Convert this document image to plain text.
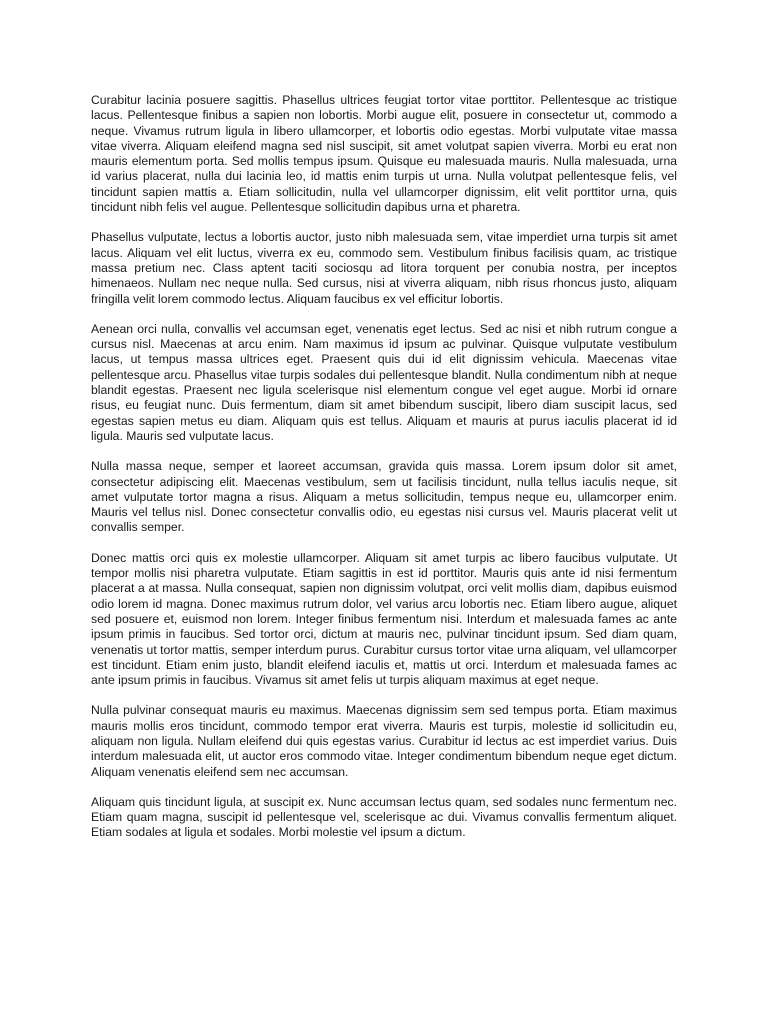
Curabitur lacinia posuere sagittis. Phasellus ultrices feugiat tortor vitae porttitor. Pellentesque ac tristique lacus. Pellentesque finibus a sapien non lobortis. Morbi augue elit, posuere in consectetur ut, commodo a neque. Vivamus rutrum ligula in libero ullamcorper, et lobortis odio egestas. Morbi vulputate vitae massa vitae viverra. Aliquam eleifend magna sed nisl suscipit, sit amet volutpat sapien viverra. Morbi eu erat non mauris elementum porta. Sed mollis tempus ipsum. Quisque eu malesuada mauris. Nulla malesuada, urna id varius placerat, nulla dui lacinia leo, id mattis enim turpis ut urna. Nulla volutpat pellentesque felis, vel tincidunt sapien mattis a. Etiam sollicitudin, nulla vel ullamcorper dignissim, elit velit porttitor urna, quis tincidunt nibh felis vel augue. Pellentesque sollicitudin dapibus urna et pharetra.

Phasellus vulputate, lectus a lobortis auctor, justo nibh malesuada sem, vitae imperdiet urna turpis sit amet lacus. Aliquam vel elit luctus, viverra ex eu, commodo sem. Vestibulum finibus facilisis quam, ac tristique massa pretium nec. Class aptent taciti sociosqu ad litora torquent per conubia nostra, per inceptos himenaeos. Nullam nec neque nulla. Sed cursus, nisi at viverra aliquam, nibh risus rhoncus justo, aliquam fringilla velit lorem commodo lectus. Aliquam faucibus ex vel efficitur lobortis.

Aenean orci nulla, convallis vel accumsan eget, venenatis eget lectus. Sed ac nisi et nibh rutrum congue a cursus nisl. Maecenas at arcu enim. Nam maximus id ipsum ac pulvinar. Quisque vulputate vestibulum lacus, ut tempus massa ultrices eget. Praesent quis dui id elit dignissim vehicula. Maecenas vitae pellentesque arcu. Phasellus vitae turpis sodales dui pellentesque blandit. Nulla condimentum nibh at neque blandit egestas. Praesent nec ligula scelerisque nisl elementum congue vel eget augue. Morbi id ornare risus, eu feugiat nunc. Duis fermentum, diam sit amet bibendum suscipit, libero diam suscipit lacus, sed egestas sapien metus eu diam. Aliquam quis est tellus. Aliquam et mauris at purus iaculis placerat id id ligula. Mauris sed vulputate lacus.

Nulla massa neque, semper et laoreet accumsan, gravida quis massa. Lorem ipsum dolor sit amet, consectetur adipiscing elit. Maecenas vestibulum, sem ut facilisis tincidunt, nulla tellus iaculis neque, sit amet vulputate tortor magna a risus. Aliquam a metus sollicitudin, tempus neque eu, ullamcorper enim. Mauris vel tellus nisl. Donec consectetur convallis odio, eu egestas nisi cursus vel. Mauris placerat velit ut convallis semper.

Donec mattis orci quis ex molestie ullamcorper. Aliquam sit amet turpis ac libero faucibus vulputate. Ut tempor mollis nisi pharetra vulputate. Etiam sagittis in est id porttitor. Mauris quis ante id nisi fermentum placerat a at massa. Nulla consequat, sapien non dignissim volutpat, orci velit mollis diam, dapibus euismod odio lorem id magna. Donec maximus rutrum dolor, vel varius arcu lobortis nec. Etiam libero augue, aliquet sed posuere et, euismod non lorem. Integer finibus fermentum nisi. Interdum et malesuada fames ac ante ipsum primis in faucibus. Sed tortor orci, dictum at mauris nec, pulvinar tincidunt ipsum. Sed diam quam, venenatis ut tortor mattis, semper interdum purus. Curabitur cursus tortor vitae urna aliquam, vel ullamcorper est tincidunt. Etiam enim justo, blandit eleifend iaculis et, mattis ut orci. Interdum et malesuada fames ac ante ipsum primis in faucibus. Vivamus sit amet felis ut turpis aliquam maximus at eget neque.

Nulla pulvinar consequat mauris eu maximus. Maecenas dignissim sem sed tempus porta. Etiam maximus mauris mollis eros tincidunt, commodo tempor erat viverra. Mauris est turpis, molestie id sollicitudin eu, aliquam non ligula. Nullam eleifend dui quis egestas varius. Curabitur id lectus ac est imperdiet varius. Duis interdum malesuada elit, ut auctor eros commodo vitae. Integer condimentum bibendum neque eget dictum. Aliquam venenatis eleifend sem nec accumsan.

Aliquam quis tincidunt ligula, at suscipit ex. Nunc accumsan lectus quam, sed sodales nunc fermentum nec. Etiam quam magna, suscipit id pellentesque vel, scelerisque ac dui. Vivamus convallis fermentum aliquet. Etiam sodales at ligula et sodales. Morbi molestie vel ipsum a dictum.
